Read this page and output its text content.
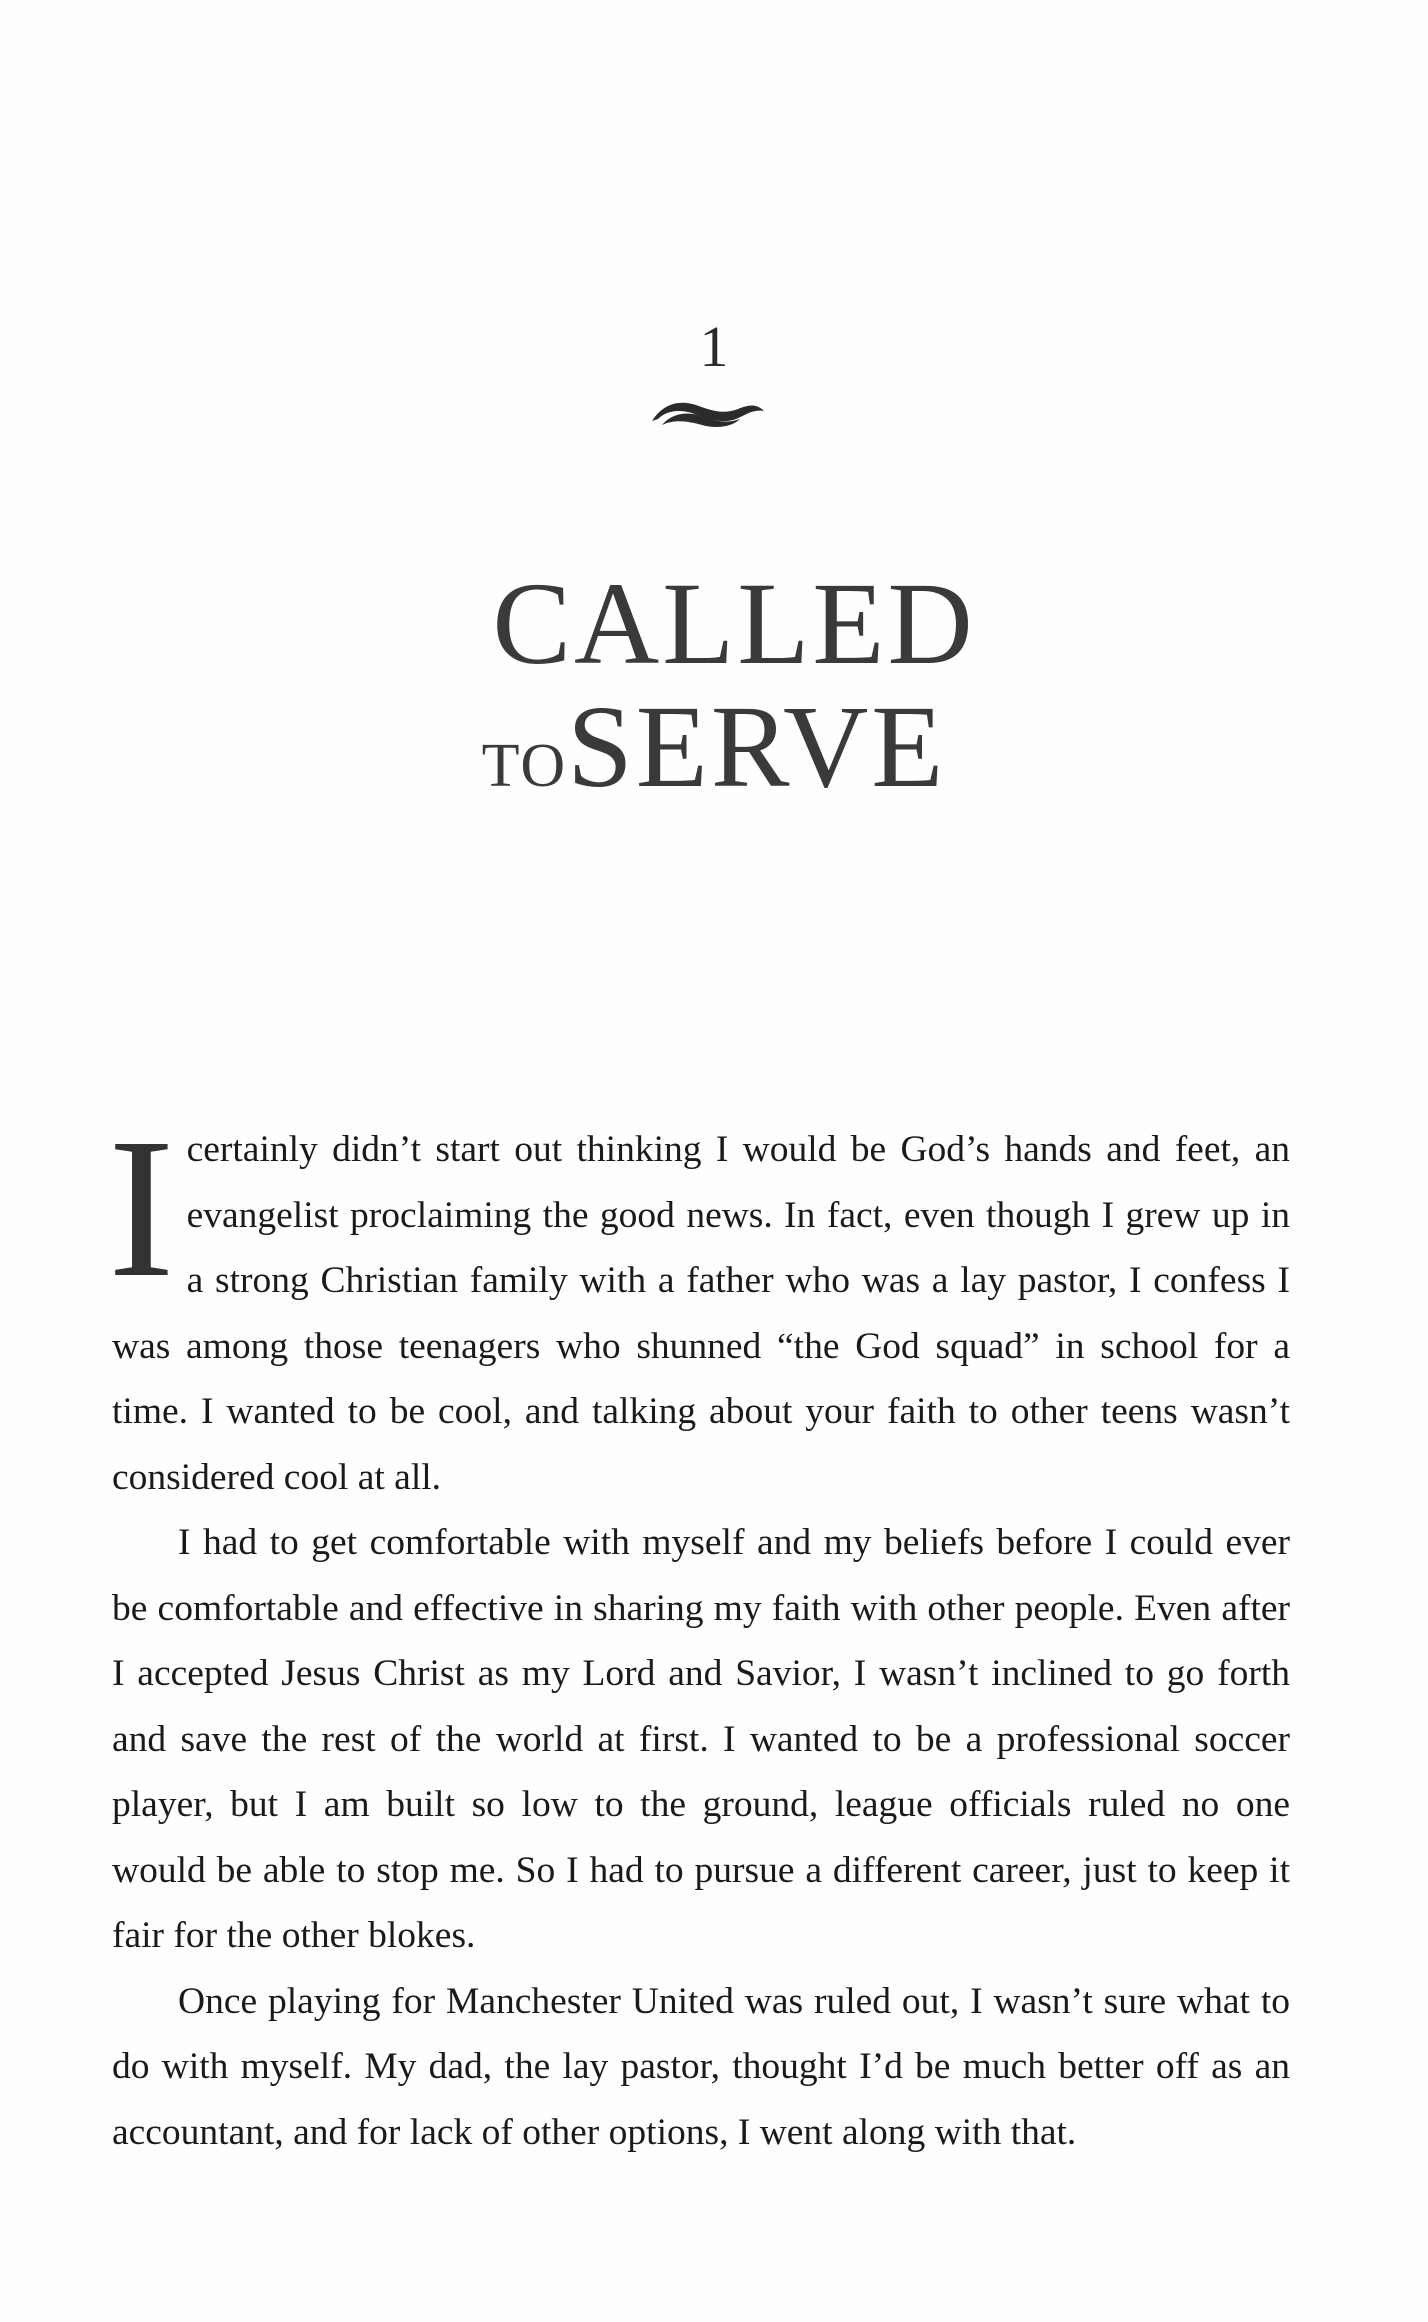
1
CALLED
TOSERVE

I certainly didn’t start out thinking I would be God’s hands and feet, an evangelist proclaiming the good news. In fact, even though I grew up in a strong Christian family with a father who was a lay pastor, I confess I was among those teenagers who shunned “the God squad” in school for a time. I wanted to be cool, and talking about your faith to other teens wasn’t considered cool at all.

I had to get comfortable with myself and my beliefs before I could ever be comfortable and effective in sharing my faith with other people. Even after I accepted Jesus Christ as my Lord and Savior, I wasn’t inclined to go forth and save the rest of the world at first. I wanted to be a professional soccer player, but I am built so low to the ground, league officials ruled no one would be able to stop me. So I had to pursue a different career, just to keep it fair for the other blokes.

Once playing for Manchester United was ruled out, I wasn’t sure what to do with myself. My dad, the lay pastor, thought I’d be much better off as an accountant, and for lack of other options, I went along with that.
